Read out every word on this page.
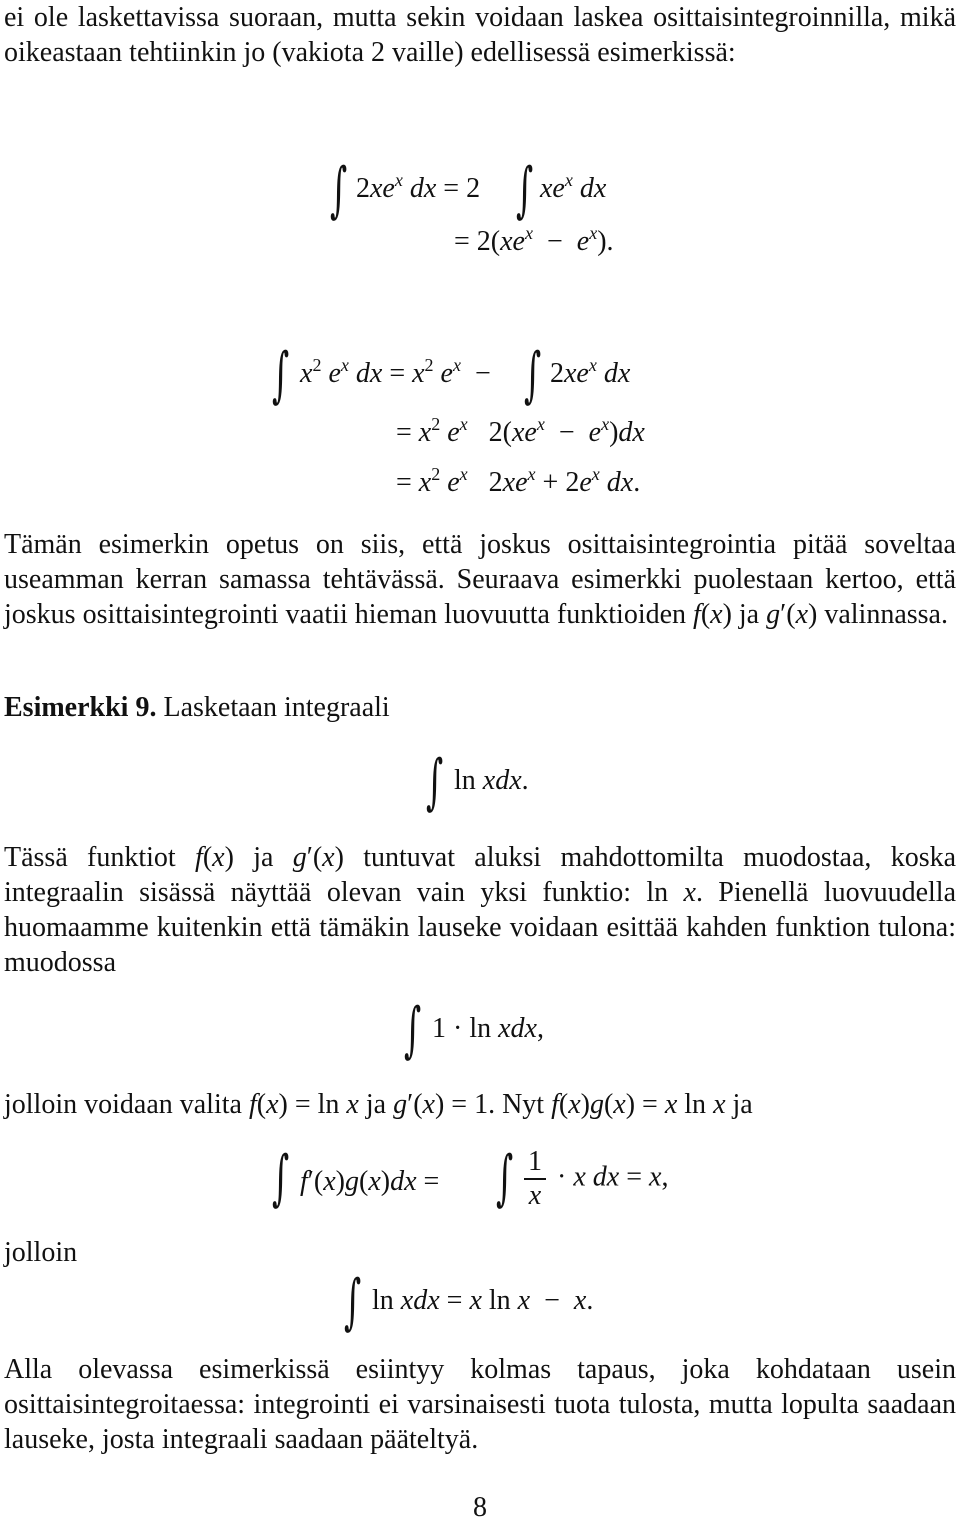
ei ole laskettavissa suoraan, mutta sekin voidaan laskea osittaisintegroinnilla, mikä oikeastaan tehtiinkin jo (vakiota 2 vaille) edellisessä esimerkissä:

∫ $2xe^x$ dx = 2 ∫ $xe^x$ dx
= $2(xe^x - e^x)$.
∫ $x^2$ $e^x$ dx = $x^2$ $e^x$  − ∫ $2xe^x$ dx
= $x^2$ $e^x$   $2(xe^x - e^x)dx$
= $x^2$ $e^x$   $2xe^x + 2e^x$ dx.

Tämän esimerkin opetus on siis, että joskus osittaisintegrointia pitää soveltaa useamman kerran samassa tehtävässä. Seuraava esimerkki puolestaan kertoo, että joskus osittaisintegrointi vaatii hieman luovuutta funktioiden f(x) ja g′(x) valinnassa.

Esimerkki 9. Lasketaan integraali

∫ ln xdx.

Tässä funktiot f(x) ja g′(x) tuntuvat aluksi mahdottomilta muodostaa, koska integraalin sisässä näyttää olevan vain yksi funktio: ln x. Pienellä luovuudella huomaamme kuitenkin että tämäkin lauseke voidaan esittää kahden funktion tulona: muodossa

∫ 1 · ln xdx,

jolloin voidaan valita f(x) = ln x ja g′(x) = 1. Nyt f(x)g(x) = x ln x ja

∫ f′(x)g(x)dx = ∫ $\frac{1}{x} \cdot x$ dx = x,
jolloin
∫ ln xdx = x ln x  −  x.

Alla olevassa esimerkissä esiintyy kolmas tapaus, joka kohdataan usein osittaisintegroitaessa: integrointi ei varsinaisesti tuota tulosta, mutta lopulta saadaan lauseke, josta integraali saadaan pääteltyä.

8
